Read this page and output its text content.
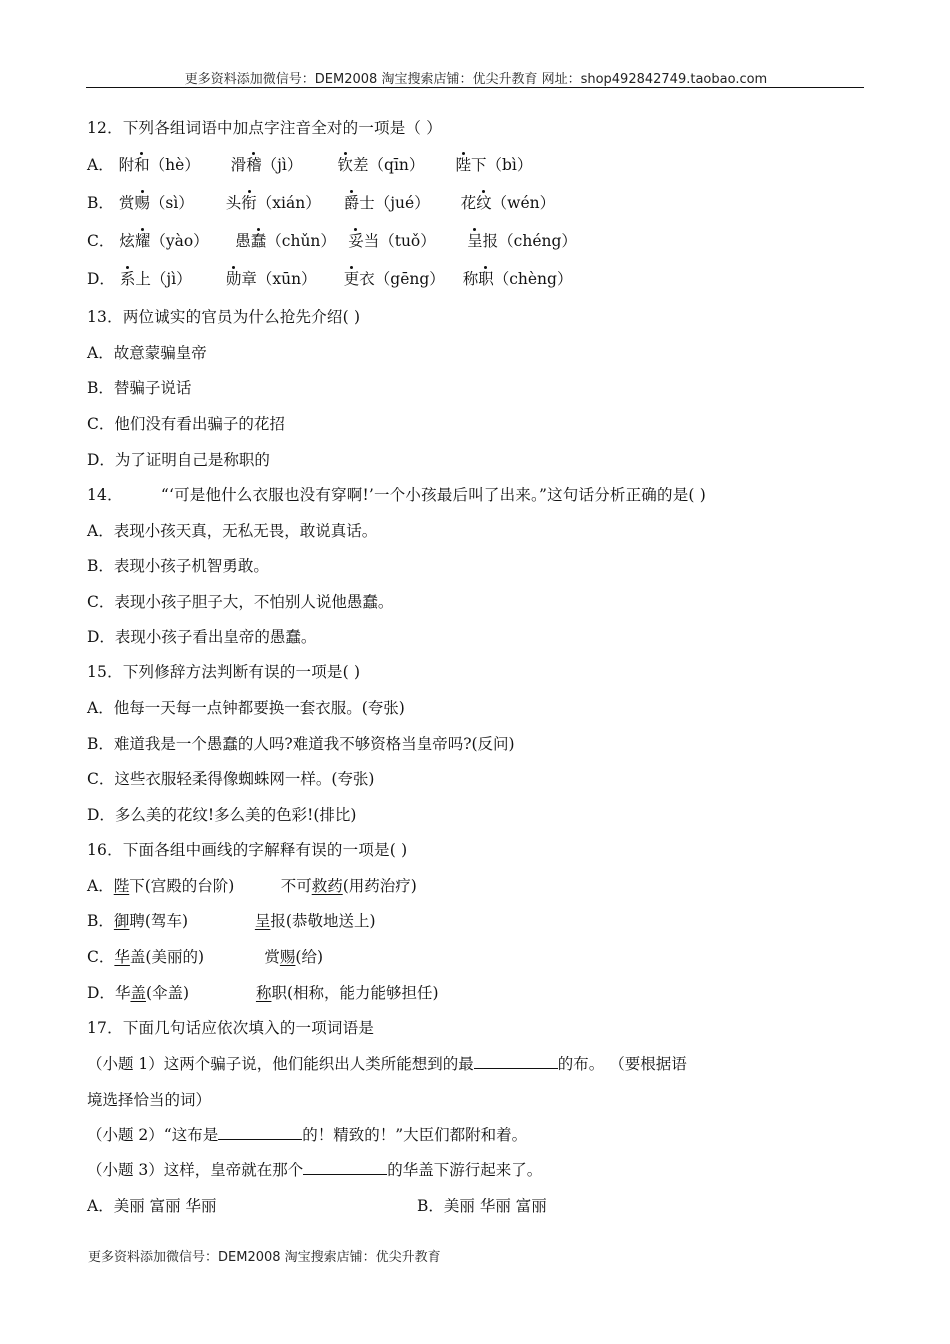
更多资料添加微信号：DEM2008 淘宝搜索店铺：优尖升教育 网址：shop492842749.taobao.com
12．下列各组词语中加点字注音全对的一项是（ ）
A． 附和（hè） 滑稽（jì） 钦差（qīn） 陛下（bì）
B． 赏赐（sì） 头衔（xián） 爵士（jué） 花纹（wén）
C． 炫耀（yào） 愚蠢（chǔn） 妥当（tuǒ） 呈报（chéng）
D． 系上（jì） 勋章（xūn） 更衣（gēng） 称职（chèng）
13．两位诚实的官员为什么抢先介绍( )
A．故意蒙骗皇帝
B．替骗子说话
C．他们没有看出骗子的花招
D．为了证明自己是称职的
14． “‘可是他什么衣服也没有穿啊!’一个小孩最后叫了出来。”这句话分析正确的是( )
A．表现小孩天真，无私无畏，敢说真话。
B．表现小孩子机智勇敢。
C．表现小孩子胆子大，不怕别人说他愚蠢。
D．表现小孩子看出皇帝的愚蠢。
15．下列修辞方法判断有误的一项是( )
A．他每一天每一点钟都要换一套衣服。(夸张)
B．难道我是一个愚蠢的人吗?难道我不够资格当皇帝吗?(反问)
C．这些衣服轻柔得像蜘蛛网一样。(夸张)
D．多么美的花纹!多么美的色彩!(排比)
16．下面各组中画线的字解释有误的一项是( )
A．陛下(宫殿的台阶)	不可救药(用药治疗)
B．御聘(驾车)	呈报(恭敬地送上)
C．华盖(美丽的)	赏赐(给)
D．华盖(伞盖)	称职(相称，能力能够担任)
17．下面几句话应依次填入的一项词语是
（小题 1）这两个骗子说，他们能织出人类所能想到的最	的布。 （要根据语
境选择恰当的词）
（小题 2）“这布是	的！精致的！”大臣们都附和着。
（小题 3）这样，皇帝就在那个	的华盖下游行起来了。
A．美丽 富丽 华丽	B．美丽 华丽 富丽
更多资料添加微信号：DEM2008 淘宝搜索店铺：优尖升教育
